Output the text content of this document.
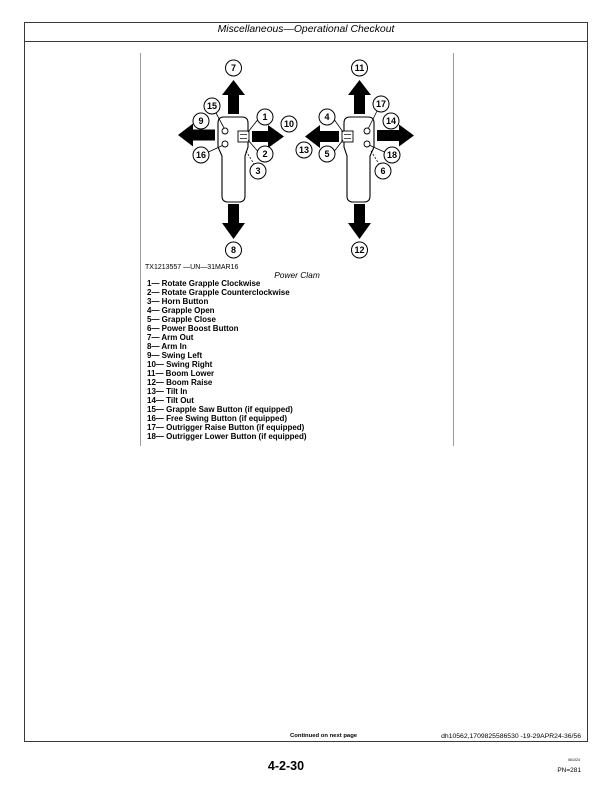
Miscellaneous—Operational Checkout
1
2
3
4
5
6
7
8
9	10
11
12
13
14
15
16
17
18
TX1213557 —UN—31MAR16
Power Clam
1— Rotate Grapple Clockwise
2— Rotate Grapple Counterclockwise
3— Horn Button
4— Grapple Open
5— Grapple Close
6— Power Boost Button
7— Arm Out
8— Arm In
9— Swing Left
10— Swing Right
11— Boom Lower
12— Boom Raise
13— Tilt In
14— Tilt Out
15— Grapple Saw Button (if equipped)
16— Free Swing Button (if equipped)
17— Outrigger Raise Button (if equipped)
18— Outrigger Lower Button (if equipped)
Continued on next page	dh10562,1709825586530 -19-29APR24-36/56
4-2-30	061024
PN=281
